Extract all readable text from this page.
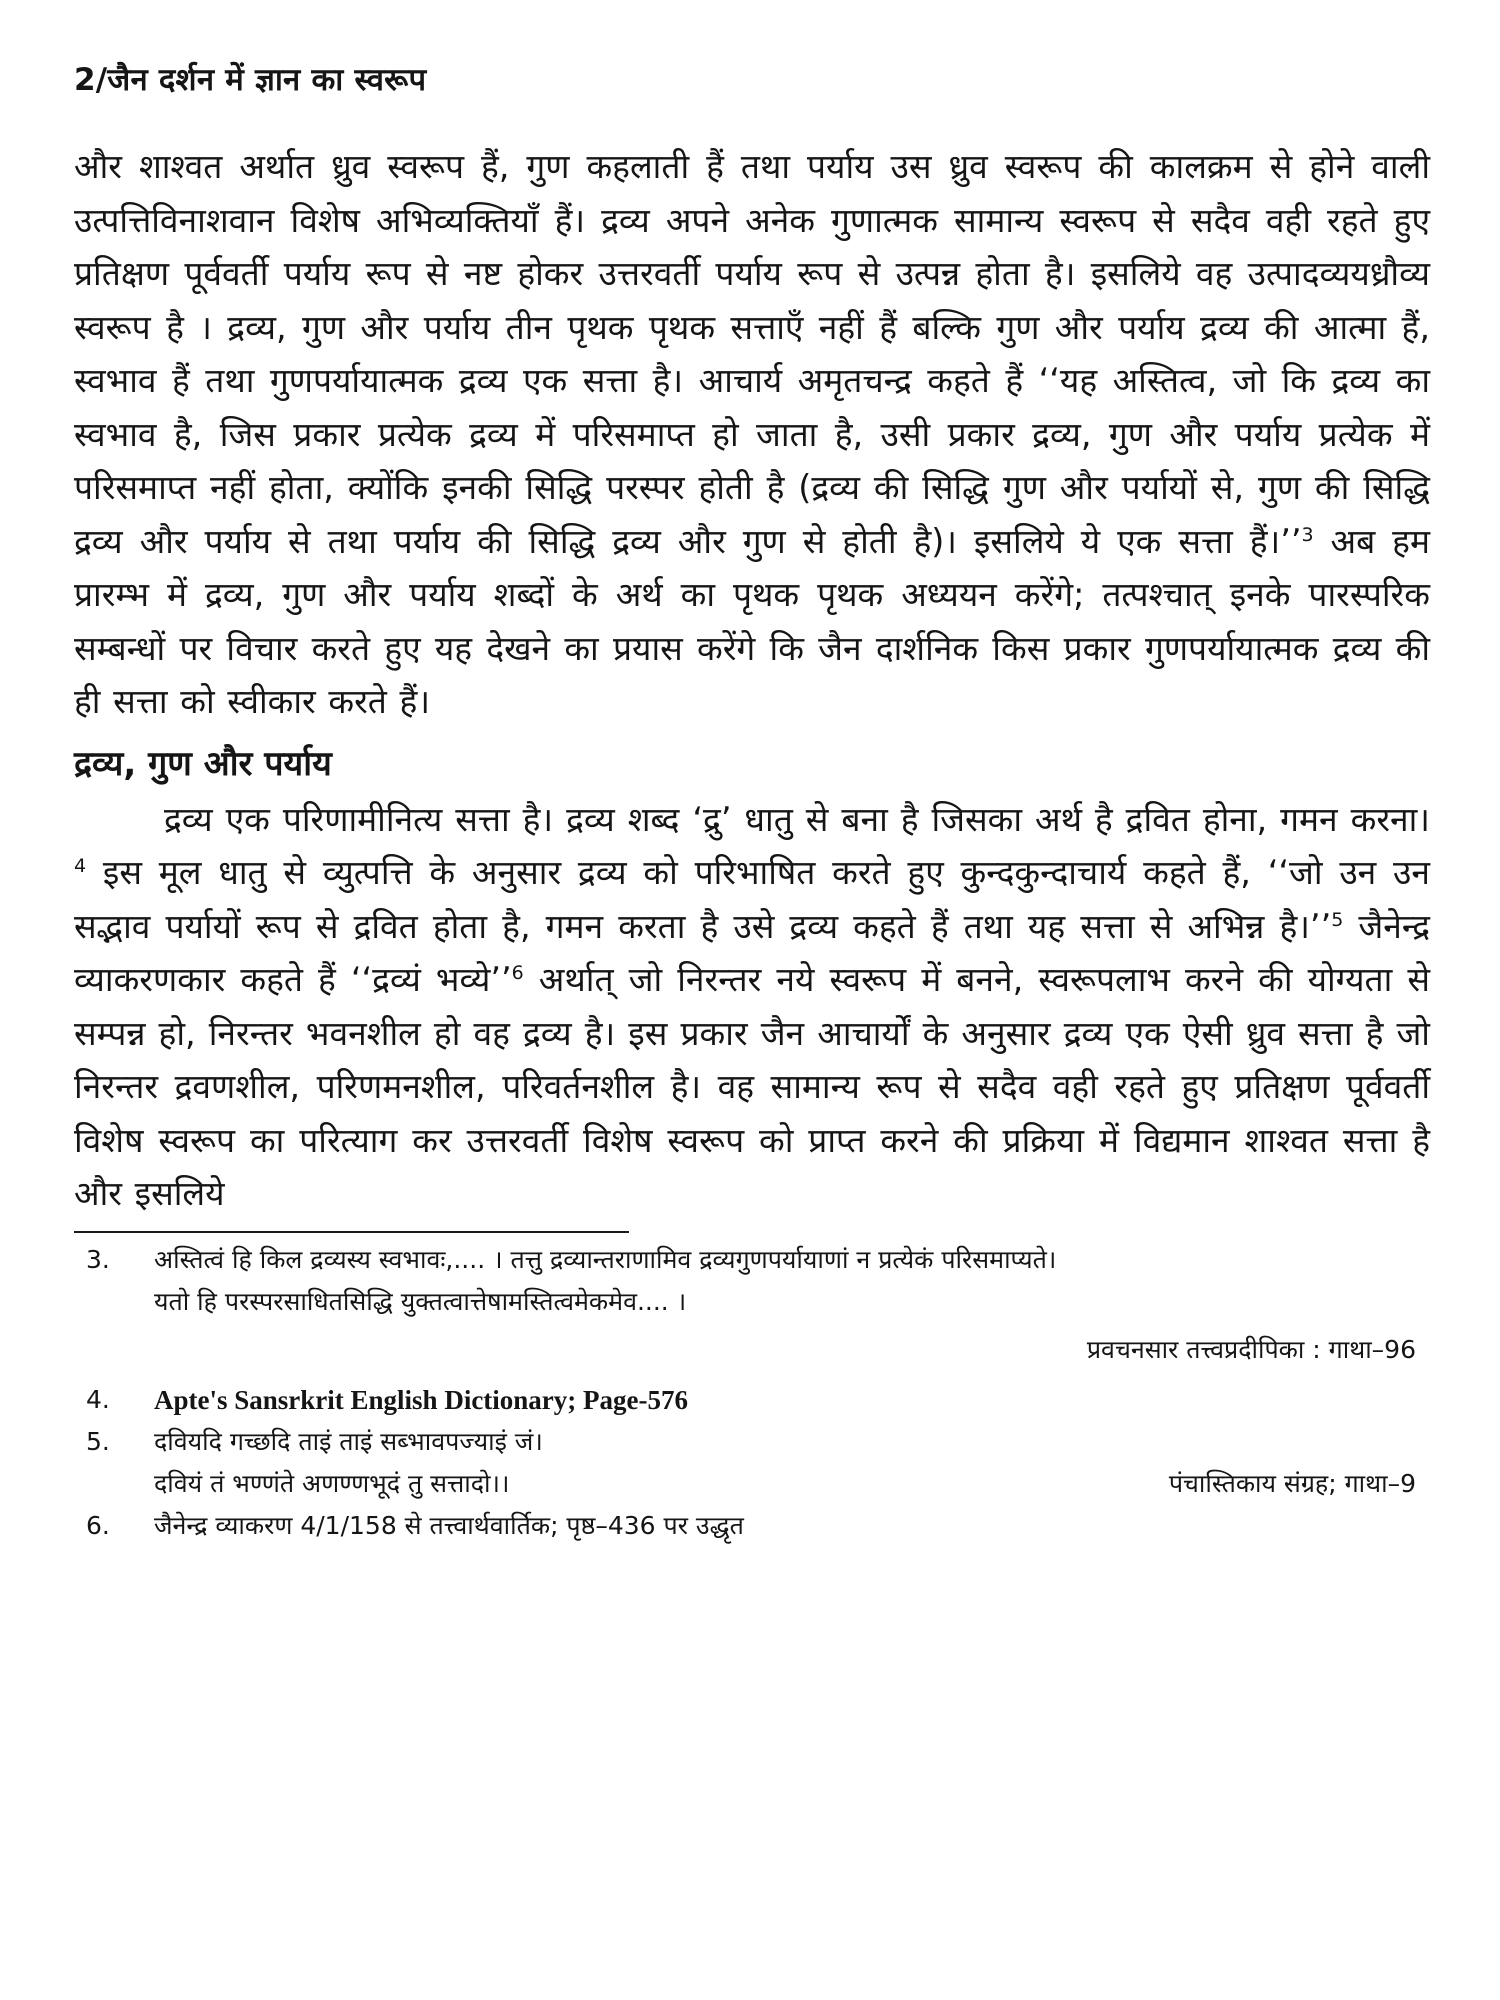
2/जैन दर्शन में ज्ञान का स्वरूप

और शाश्वत अर्थात ध्रुव स्वरूप हैं, गुण कहलाती हैं तथा पर्याय उस ध्रुव स्वरूप की कालक्रम से होने वाली उत्पत्तिविनाशवान विशेष अभिव्यक्तियाँ हैं। द्रव्य अपने अनेक गुणात्मक सामान्य स्वरूप से सदैव वही रहते हुए प्रतिक्षण पूर्ववर्ती पर्याय रूप से नष्ट होकर उत्तरवर्ती पर्याय रूप से उत्पन्न होता है। इसलिये वह उत्पादव्ययध्रौव्य स्वरूप है । द्रव्य, गुण और पर्याय तीन पृथक पृथक सत्ताएँ नहीं हैं बल्कि गुण और पर्याय द्रव्य की आत्मा हैं, स्वभाव हैं तथा गुणपर्यायात्मक द्रव्य एक सत्ता है। आचार्य अमृतचन्द्र कहते हैं ‘‘यह अस्तित्व, जो कि द्रव्य का स्वभाव है, जिस प्रकार प्रत्येक द्रव्य में परिसमाप्त हो जाता है, उसी प्रकार द्रव्य, गुण और पर्याय प्रत्येक में परिसमाप्त नहीं होता, क्योंकि इनकी सिद्धि परस्पर होती है (द्रव्य की सिद्धि गुण और पर्यायों से, गुण की सिद्धि द्रव्य और पर्याय से तथा पर्याय की सिद्धि द्रव्य और गुण से होती है)। इसलिये ये एक सत्ता हैं।’’$^3$ अब हम प्रारम्भ में द्रव्य, गुण और पर्याय शब्दों के अर्थ का पृथक पृथक अध्ययन करेंगे; तत्पश्चात् इनके पारस्परिक सम्बन्धों पर विचार करते हुए यह देखने का प्रयास करेंगे कि जैन दार्शनिक किस प्रकार गुणपर्यायात्मक द्रव्य की ही सत्ता को स्वीकार करते हैं।

द्रव्य, गुण और पर्याय

द्रव्य एक परिणामीनित्य सत्ता है। द्रव्य शब्द ‘द्रु’ धातु से बना है जिसका अर्थ है द्रवित होना, गमन करना।$^4$ इस मूल धातु से व्युत्पत्ति के अनुसार द्रव्य को परिभाषित करते हुए कुन्दकुन्दाचार्य कहते हैं, ‘‘जो उन उन सद्भाव पर्यायों रूप से द्रवित होता है, गमन करता है उसे द्रव्य कहते हैं तथा यह सत्ता से अभिन्न है।’’$^5$ जैनेन्द्र व्याकरणकार कहते हैं ‘‘द्रव्यं भव्ये’’$^6$ अर्थात् जो निरन्तर नये स्वरूप में बनने, स्वरूपलाभ करने की योग्यता से सम्पन्न हो, निरन्तर भवनशील हो वह द्रव्य है। इस प्रकार जैन आचार्यों के अनुसार द्रव्य एक ऐसी ध्रुव सत्ता है जो निरन्तर द्रवणशील, परिणमनशील, परिवर्तनशील है। वह सामान्य रूप से सदैव वही रहते हुए प्रतिक्षण पूर्ववर्ती विशेष स्वरूप का परित्याग कर उत्तरवर्ती विशेष स्वरूप को प्राप्त करने की प्रक्रिया में विद्यमान शाश्वत सत्ता है और इसलिये

3.	अस्तित्वं हि किल द्रव्यस्य स्वभावः,.... । तत्तु द्रव्यान्तराणामिव द्रव्यगुणपर्यायाणां न प्रत्येकं परिसमाप्यते।
यतो हि परस्परसाधितसिद्धि युक्तत्वात्तेषामस्तित्वमेकमेव.... ।
प्रवचनसार तत्त्वप्रदीपिका : गाथा–96
4.	Apte's Sansrkrit English Dictionary; Page-576
5.	दवियदि गच्छदि ताइं ताइं सब्भावपज्याइं जं।
दवियं तं भण्णंते अणण्णभूदं तु सत्तादो।।	पंचास्तिकाय संग्रह; गाथा–9
6.	जैनेन्द्र व्याकरण 4/1/158 से तत्त्वार्थवार्तिक; पृष्ठ–436 पर उद्धृत
